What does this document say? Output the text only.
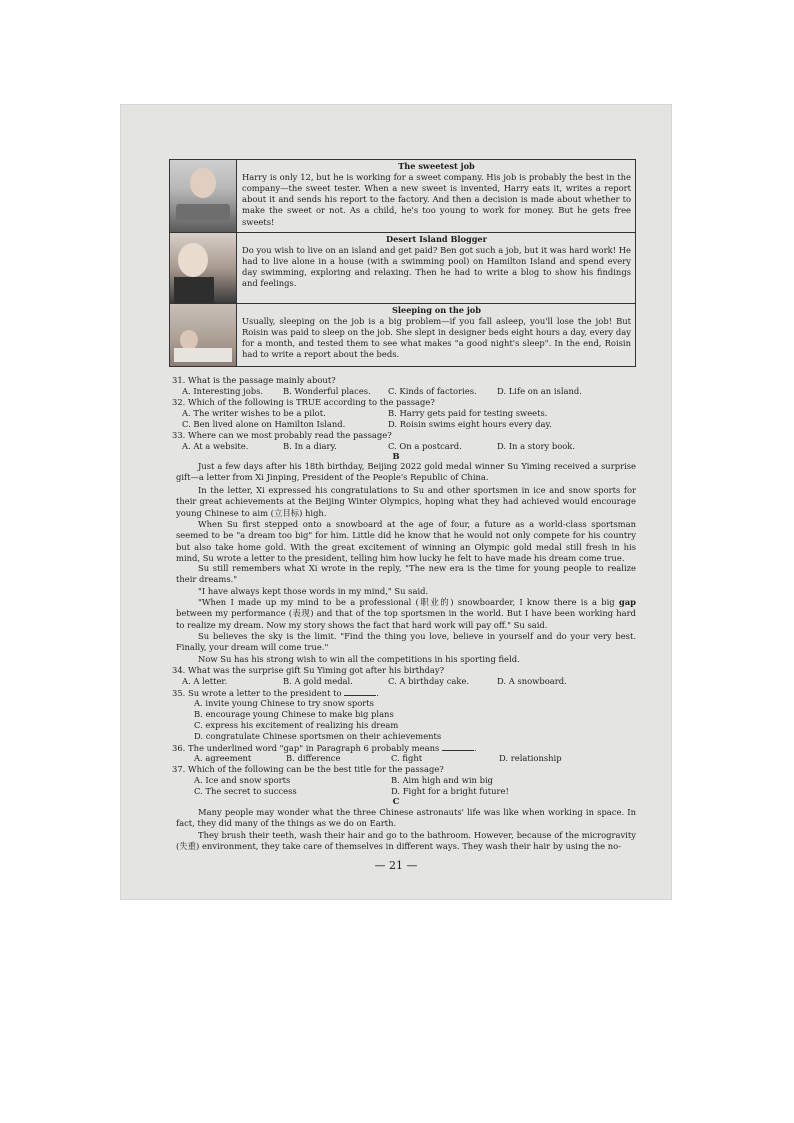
	The sweetest job
Harry is only 12, but he is working for a sweet company. His job is probably the best in the company—the sweet tester. When a new sweet is invented, Harry eats it, writes a report about it and sends his report to the factory. And then a decision is made about whether to make the sweet or not. As a child, he's too young to work for money. But he gets free sweets!

	Desert Island Blogger
Do you wish to live on an island and get paid? Ben got such a job, but it was hard work! He had to live alone in a house (with a swimming pool) on Hamilton Island and spend every day swimming, exploring and relaxing. Then he had to write a blog to show his findings and feelings.

	Sleeping on the job
Usually, sleeping on the job is a big problem—if you fall asleep, you'll lose the job! But Roisin was paid to sleep on the job. She slept in designer beds eight hours a day, every day for a month, and tested them to see what makes "a good night's sleep". In the end, Roisin had to write a report about the beds.
31. What is the passage mainly about?
A. Interesting jobs. B. Wonderful places. C. Kinds of factories. D. Life on an island.
32. Which of the following is TRUE according to the passage?
A. The writer wishes to be a pilot.	B. Harry gets paid for testing sweets.
C. Ben lived alone on Hamilton Island.	D. Roisin swims eight hours every day.
33. Where can we most probably read the passage?
A. At a website.	B. In a diary.	C. On a postcard.	D. In a story book.
B
Just a few days after his 18th birthday, Beijing 2022 gold medal winner Su Yiming received a surprise gift—a letter from Xi Jinping, President of the People's Republic of China.
In the letter, Xi expressed his congratulations to Su and other sportsmen in ice and snow sports for their great achievements at the Beijing Winter Olympics, hoping what they had achieved would encourage young Chinese to aim (立目标) high.
When Su first stepped onto a snowboard at the age of four, a future as a world-class sportsman seemed to be "a dream too big" for him. Little did he know that he would not only compete for his country but also take home gold. With the great excitement of winning an Olympic gold medal still fresh in his mind, Su wrote a letter to the president, telling him how lucky he felt to have made his dream come true.
Su still remembers what Xi wrote in the reply, "The new era is the time for young people to realize their dreams."
"I have always kept those words in my mind," Su said.
"When I made up my mind to be a professional (职业的) snowboarder, I know there is a big gap between my performance (表现) and that of the top sportsmen in the world. But I have been working hard to realize my dream. Now my story shows the fact that hard work will pay off." Su said.
Su believes the sky is the limit. "Find the thing you love, believe in yourself and do your very best. Finally, your dream will come true."
Now Su has his strong wish to win all the competitions in his sporting field.
34. What was the surprise gift Su Yiming got after his birthday?
A. A letter.	B. A gold medal.	C. A birthday cake.	D. A snowboard.
35. Su wrote a letter to the president to	.
A. invite young Chinese to try snow sports
B. encourage young Chinese to make big plans
C. express his excitement of realizing his dream
D. congratulate Chinese sportsmen on their achievements
36. The underlined word "gap" in Paragraph 6 probably means	.
A. agreement	B. difference	C. fight	D. relationship
37. Which of the following can be the best title for the passage?
A. Ice and snow sports	B. Aim high and win big
C. The secret to success	D. Fight for a bright future!
C
Many people may wonder what the three Chinese astronauts' life was like when working in space. In fact, they did many of the things as we do on Earth.
They brush their teeth, wash their hair and go to the bathroom. However, because of the microgravity (失重) environment, they take care of themselves in different ways. They wash their hair by using the no-
— 21 —
